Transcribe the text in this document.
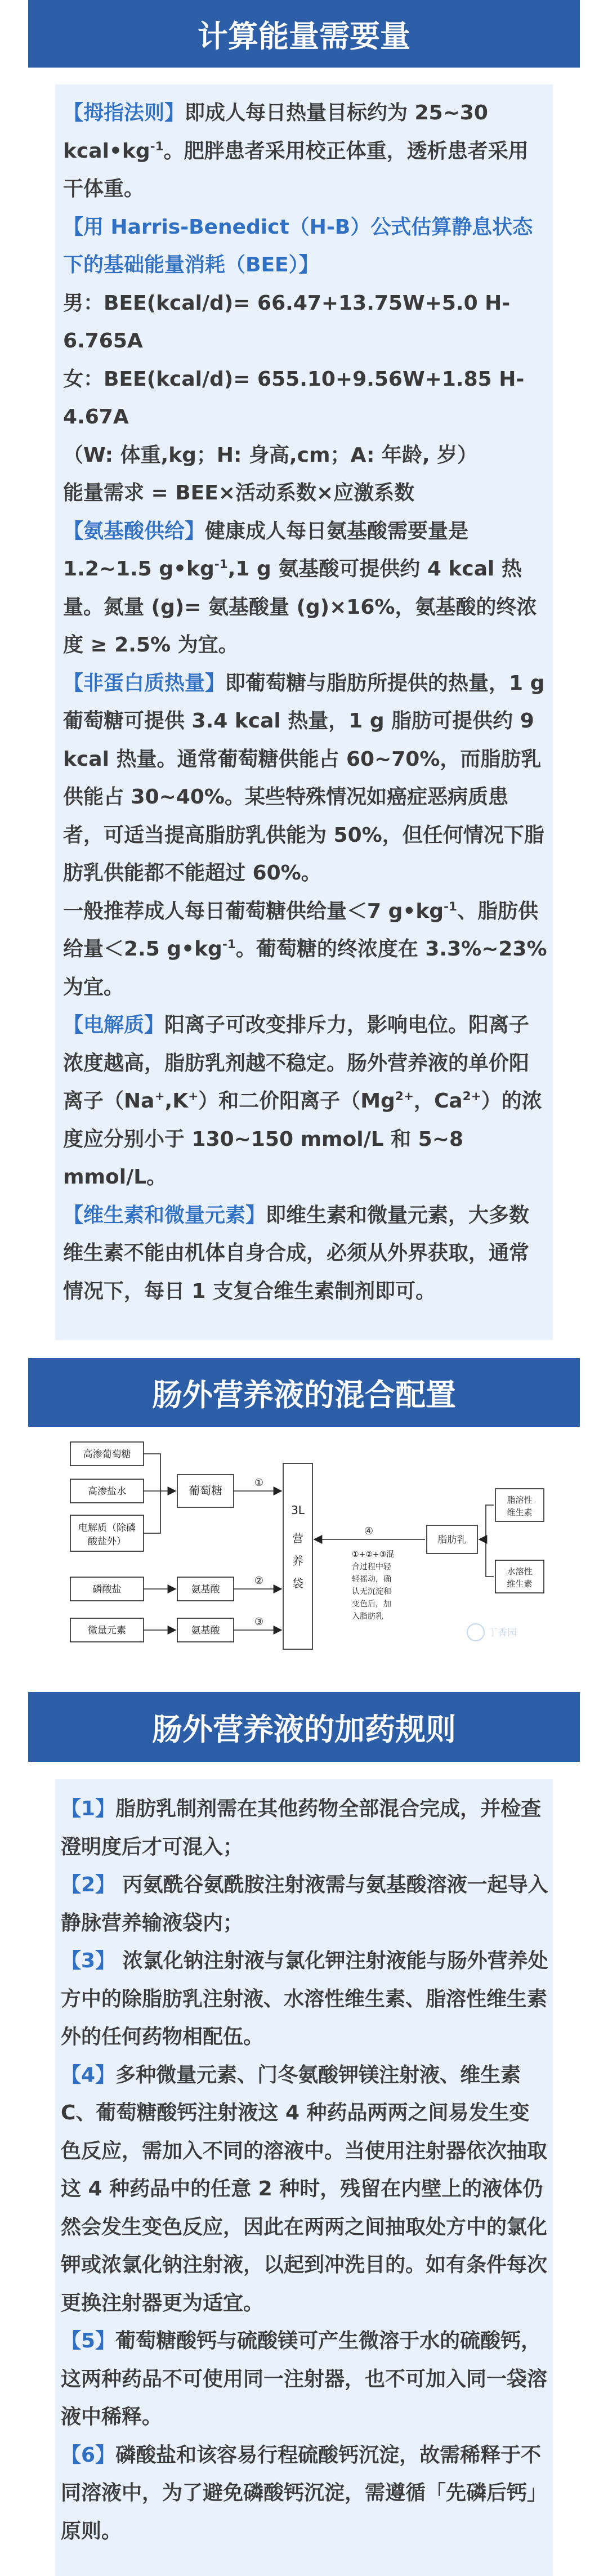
计算能量需要量

【拇指法则】即成人每日热量目标约为 25~30 $kcal•kg^{-1}$。肥胖患者采用校正体重，透析患者采用干体重。

【用 Harris-Benedict（H-B）公式估算静息状态下的基础能量消耗（BEE）】

男：BEE(kcal/d)= 66.47+13.75W+5.0 H-6.765A

女：BEE(kcal/d)= 655.10+9.56W+1.85 H-4.67A

（W: 体重,kg；H: 身高,cm；A: 年龄, 岁）

能量需求 = BEE×活动系数×应激系数

【氨基酸供给】健康成人每日氨基酸需要量是 1.2~1.5 $g•kg^{-1},1$ g 氨基酸可提供约 4 kcal 热量。氮量 (g)= 氨基酸量 (g)×16%，氨基酸的终浓度 ≥ 2.5% 为宜。

【非蛋白质热量】即葡萄糖与脂肪所提供的热量，1 g 葡萄糖可提供 3.4 kcal 热量，1 g 脂肪可提供约 9 kcal 热量。通常葡萄糖供能占 60~70%，而脂肪乳供能占 30~40%。某些特殊情况如癌症恶病质患者，可适当提高脂肪乳供能为 50%，但任何情况下脂肪乳供能都不能超过 60%。

一般推荐成人每日葡萄糖供给量＜7 $g•kg^{-1}$、脂肪供给量＜2.5 $g•kg^{-1}$。葡萄糖的终浓度在 3.3%~23% 为宜。

【电解质】阳离子可改变排斥力，影响电位。阳离子浓度越高，脂肪乳剂越不稳定。肠外营养液的单价阳离子（Na+,K+）和二价阳离子（$Mg^{2+}$，$Ca^{2+}$）的浓度应分别小于 130~150 mmol/L 和 5~8 mmol/L。

【维生素和微量元素】即维生素和微量元素，大多数维生素不能由机体自身合成，必须从外界获取，通常情况下，每日 1 支复合维生素制剂即可。

肠外营养液的混合配置
高渗葡萄糖
高渗盐水
电解质（除磷
酸盐外）
葡萄糖
磷酸盐	氨基酸
微量元素	氨基酸
3L
营
养
袋
脂肪乳
脂溶性
维生素
水溶性
维生素
①
②
③
④
①+②+③混
合过程中轻
轻摇动，确
认无沉淀和
变色后，加
入脂肪乳
丁香园
肠外营养液的加药规则

【1】脂肪乳制剂需在其他药物全部混合完成，并检查澄明度后才可混入；

【2】 丙氨酰谷氨酰胺注射液需与氨基酸溶液一起导入静脉营养输液袋内；

【3】 浓氯化钠注射液与氯化钾注射液能与肠外营养处方中的除脂肪乳注射液、水溶性维生素、脂溶性维生素外的任何药物相配伍。

【4】多种微量元素、门冬氨酸钾镁注射液、维生素 C、葡萄糖酸钙注射液这 4 种药品两两之间易发生变色反应，需加入不同的溶液中。当使用注射器依次抽取这 4 种药品中的任意 2 种时，残留在内壁上的液体仍然会发生变色反应，因此在两两之间抽取处方中的氯化钾或浓氯化钠注射液，以起到冲洗目的。如有条件每次更换注射器更为适宜。

【5】葡萄糖酸钙与硫酸镁可产生微溶于水的硫酸钙，这两种药品不可使用同一注射器，也不可加入同一袋溶液中稀释。

【6】磷酸盐和该容易行程硫酸钙沉淀，故需稀释于不同溶液中，为了避免磷酸钙沉淀，需遵循「先磷后钙」原则。
